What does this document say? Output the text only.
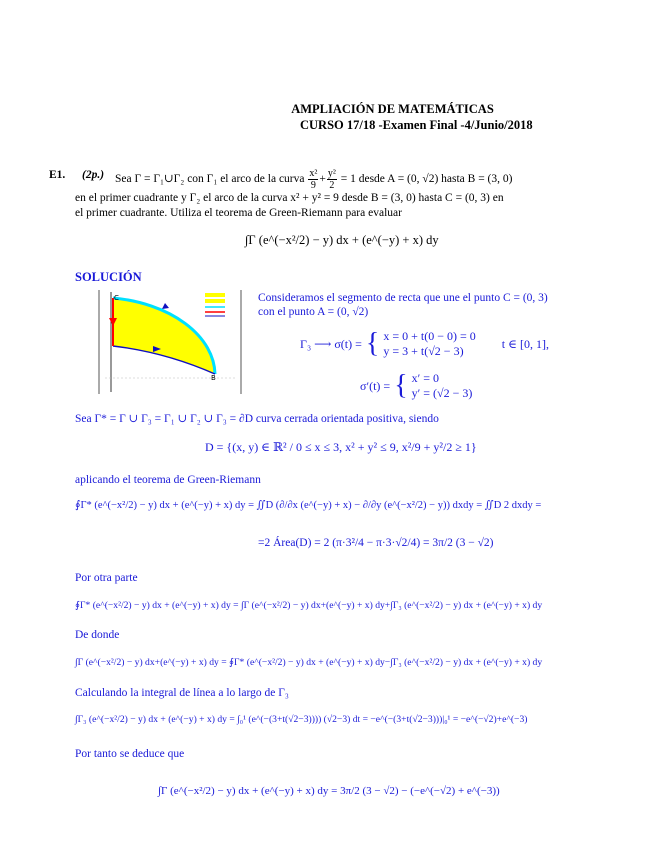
AMPLIACIÓN DE MATEMÁTICAS
CURSO 17/18 -Examen Final -4/Junio/2018
E1. (2p.) Sea Γ = Γ₁∪Γ₂ con Γ₁ el arco de la curva $\frac{\text{x²}}{9} + \frac{\text{y²}}{2} = 1$ desde A = (0, √2) hasta B = (3, 0)
en el primer cuadrante y Γ₂ el arco de la curva x² + y² = 9 desde B = (3, 0) hasta C = (0, 3) en
el primer cuadrante. Utiliza el teorema de Green-Riemann para evaluar
∫Γ (e^(−x²/2) − y) dx + (e^(−y) + x) dy
SOLUCIÓN
C
B
Consideramos el segmento de recta que une el punto C = (0, 3)
con el punto A = (0, √2)
Γ₃ ⟶ σ(t) = { x = 0 + t(0 − 0) = 0
y = 3 + t(√2 − 3)
t ∈ [0, 1],
σ′(t) = { x′ = 0
y′ = (√2 − 3)
Sea Γ* = Γ ∪ Γ₃ = Γ₁ ∪ Γ₂ ∪ Γ₃ = ∂D curva cerrada orientada positiva, siendo
D = {(x, y) ∈ ℝ² / 0 ≤ x ≤ 3, x² + y² ≤ 9, x²/9 + y²/2 ≥ 1}
aplicando el teorema de Green-Riemann
∮Γ* (e^(−x²/2) − y) dx + (e^(−y) + x) dy = ∬D (∂/∂x (e^(−y) + x) − ∂/∂y (e^(−x²/2) − y)) dxdy = ∬D 2 dxdy =
=2 Área(D) = 2 (π·3²/4 − π·3·√2/4) = 3π/2 (3 − √2)
Por otra parte
∮Γ* (e^(−x²/2) − y) dx + (e^(−y) + x) dy = ∫Γ (e^(−x²/2) − y) dx+(e^(−y) + x) dy+∫Γ₃ (e^(−x²/2) − y) dx + (e^(−y) + x) dy
De donde
∫Γ (e^(−x²/2) − y) dx+(e^(−y) + x) dy = ∮Γ* (e^(−x²/2) − y) dx + (e^(−y) + x) dy−∫Γ₃ (e^(−x²/2) − y) dx + (e^(−y) + x) dy
Calculando la integral de línea a lo largo de Γ₃
∫Γ₃ (e^(−x²/2) − y) dx + (e^(−y) + x) dy = ∫₀¹ (e^(−(3+t(√2−3)))) (√2−3) dt = −e^(−(3+t(√2−3)))|₀¹ = −e^(−√2)+e^(−3)
Por tanto se deduce que
∫Γ (e^(−x²/2) − y) dx + (e^(−y) + x) dy = 3π/2 (3 − √2) − (−e^(−√2) + e^(−3))
